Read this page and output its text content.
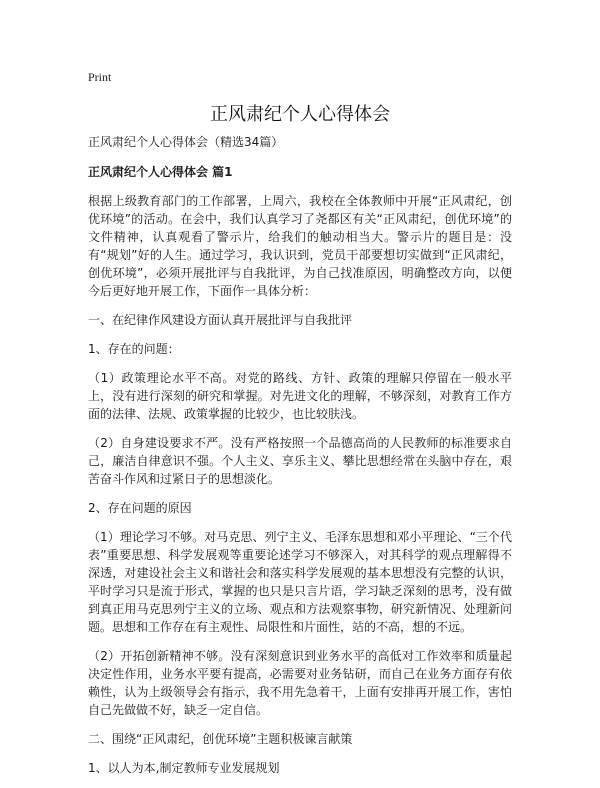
Print
正风肃纪个人心得体会

正风肃纪个人心得体会（精选34篇）

正风肃纪个人心得体会 篇1

根据上级教育部门的工作部署，上周六，我校在全体教师中开展“正风肃纪，创优环境”的活动。在会中，我们认真学习了尧都区有关“正风肃纪，创优环境”的文件精神，认真观看了警示片，给我们的触动相当大。警示片的题目是：没有“规划”好的人生。通过学习，我认识到，党员干部要想切实做到“正风肃纪，创优环境”，必须开展批评与自我批评，为自己找准原因，明确整改方向，以便今后更好地开展工作，下面作一具体分析：

一、在纪律作风建设方面认真开展批评与自我批评

1、存在的问题：

（1）政策理论水平不高。对党的路线、方针、政策的理解只停留在一般水平上，没有进行深刻的研究和掌握。对先进文化的理解，不够深刻，对教育工作方面的法律、法规、政策掌握的比较少，也比较肤浅。

（2）自身建设要求不严。没有严格按照一个品德高尚的人民教师的标准要求自己，廉洁自律意识不强。个人主义、享乐主义、攀比思想经常在头脑中存在，艰苦奋斗作风和过紧日子的思想淡化。

2、存在问题的原因

（1）理论学习不够。对马克思、列宁主义、毛泽东思想和邓小平理论、“三个代表”重要思想、科学发展观等重要论述学习不够深入，对其科学的观点理解得不深透，对建设社会主义和谐社会和落实科学发展观的基本思想没有完整的认识，平时学习只是流于形式，掌握的也只是只言片语，学习缺乏深刻的思考，没有做到真正用马克思列宁主义的立场、观点和方法观察事物，研究新情况、处理新问题。思想和工作存在有主观性、局限性和片面性，站的不高，想的不远。

（2）开拓创新精神不够。没有深刻意识到业务水平的高低对工作效率和质量起决定性作用，业务水平要有提高，必需要对业务钻研，而自己在业务方面存有依赖性，认为上级领导会有指示，我不用先急着干，上面有安排再开展工作，害怕自己先做做不好，缺乏一定自信。

二、围绕“正风肃纪，创优环境”主题积极谏言献策

1、以人为本,制定教师专业发展规划
